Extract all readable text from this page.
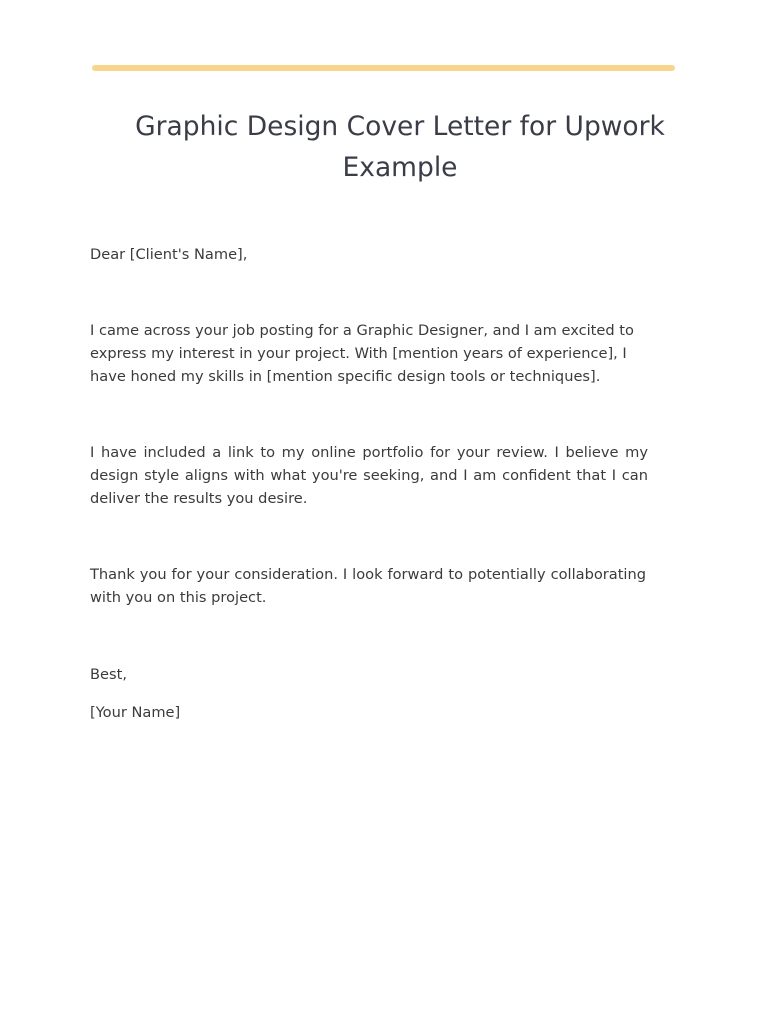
Graphic Design Cover Letter for Upwork Example

Dear [Client's Name],

I came across your job posting for a Graphic Designer, and I am excited to express my interest in your project. With [mention years of experience], I have honed my skills in [mention specific design tools or techniques].

I have included a link to my online portfolio for your review. I believe my design style aligns with what you're seeking, and I am confident that I can deliver the results you desire.

Thank you for your consideration. I look forward to potentially collaborating with you on this project.

Best,

[Your Name]
